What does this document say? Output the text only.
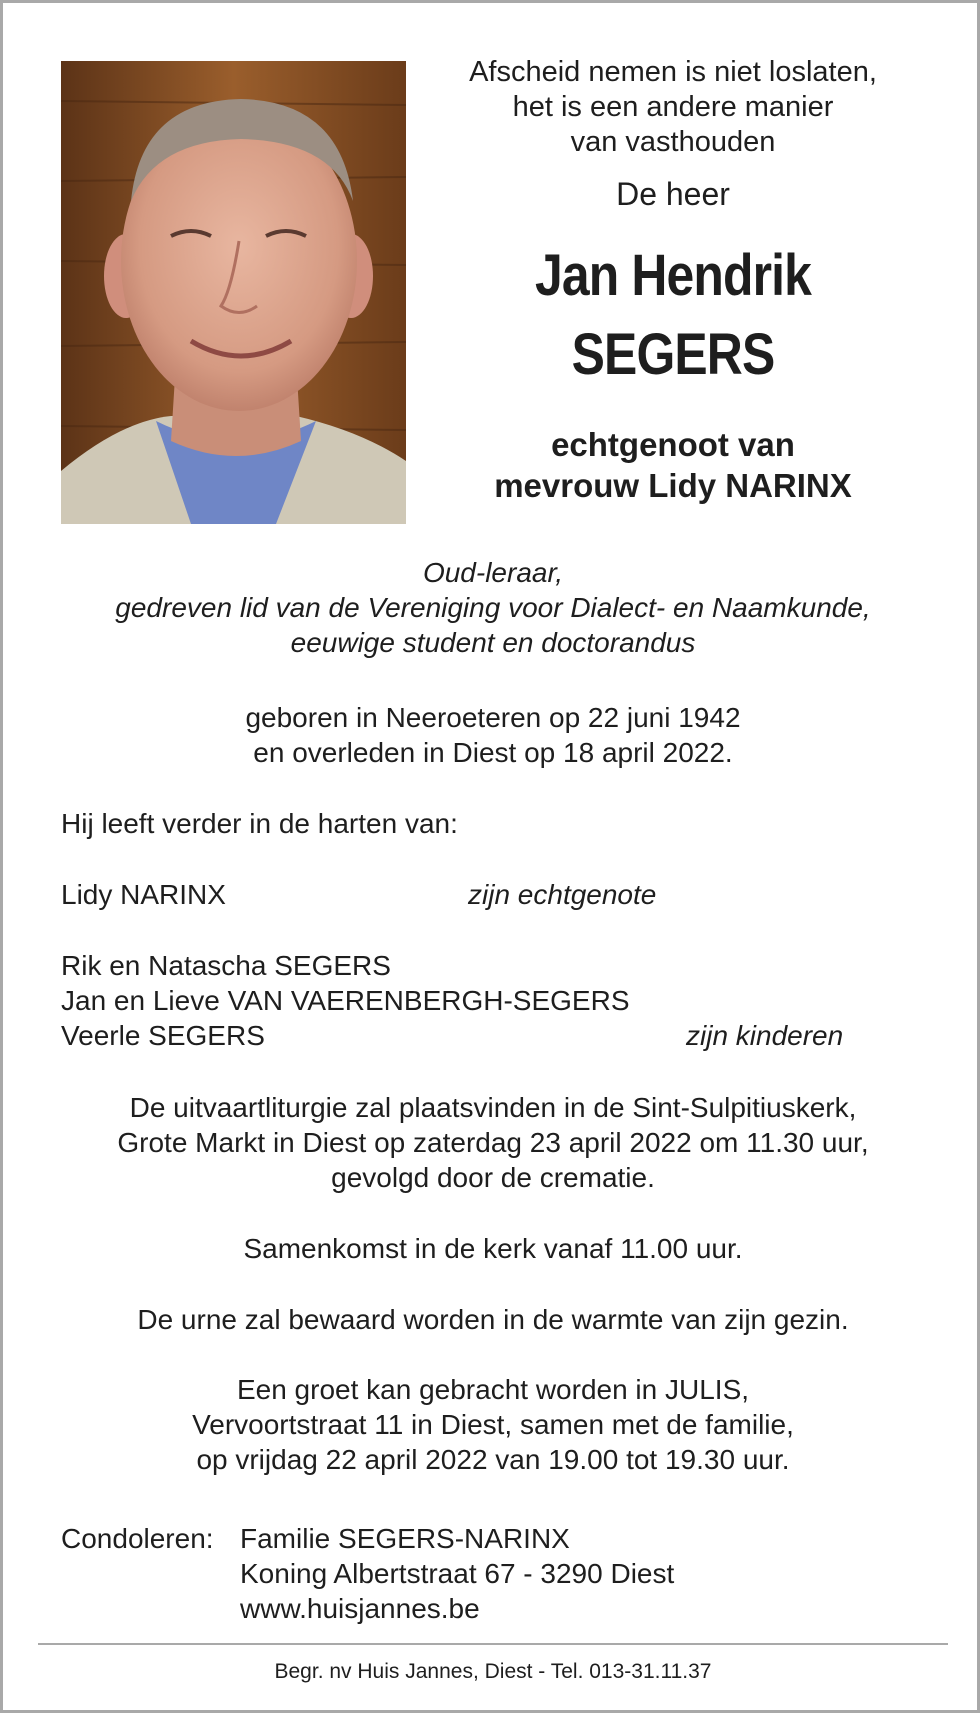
Afscheid nemen is niet loslaten,
het is een andere manier
van vasthouden
De heer
Jan Hendrik
SEGERS
echtgenoot van
mevrouw Lidy NARINX
Oud-leraar,
gedreven lid van de Vereniging voor Dialect- en Naamkunde,
eeuwige student en doctorandus
geboren in Neeroeteren op 22 juni 1942
en overleden in Diest op 18 april 2022.
Hij leeft verder in de harten van:
Lidy NARINX	zijn echtgenote
Rik en Natascha SEGERS
Jan en Lieve VAN VAERENBERGH-SEGERS
Veerle SEGERS	zijn kinderen
De uitvaartliturgie zal plaatsvinden in de Sint-Sulpitiuskerk,
Grote Markt in Diest op zaterdag 23 april 2022 om 11.30 uur,
gevolgd door de crematie.
Samenkomst in de kerk vanaf 11.00 uur.
De urne zal bewaard worden in de warmte van zijn gezin.
Een groet kan gebracht worden in JULIS,
Vervoortstraat 11 in Diest, samen met de familie,
op vrijdag 22 april 2022 van 19.00 tot 19.30 uur.
Condoleren: Familie SEGERS-NARINX
Koning Albertstraat 67 - 3290 Diest
www.huisjannes.be
Begr. nv Huis Jannes, Diest - Tel. 013-31.11.37
